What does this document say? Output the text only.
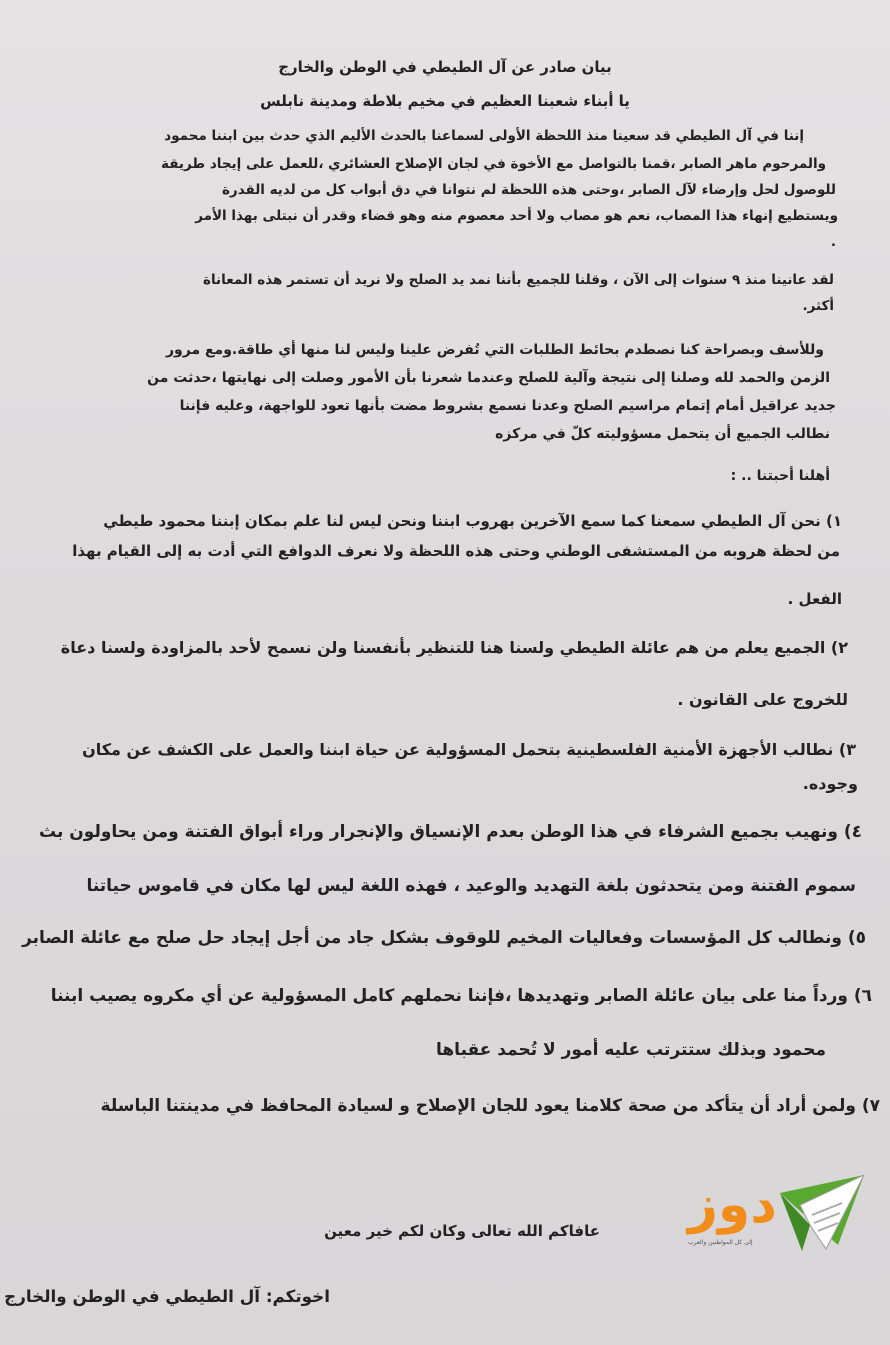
بيان صادر عن آل الطيطي في الوطن والخارج

يا أبناء شعبنا العظيم في مخيم بلاطة ومدينة نابلس

إننا في آل الطيطي قد سعينا منذ اللحظة الأولى لسماعنا بالحدث الأليم الذي حدث بين ابننا محمود

والمرحوم ماهر الصابر ،قمنا بالتواصل مع الأخوة في لجان الإصلاح العشائري ،للعمل على إيجاد طريقة

للوصول لحل وإرضاء لآل الصابر ،وحتى هذه اللحظة لم نتوانا في دق أبواب كل من لديه القدرة

ويستطيع إنهاء هذا المصاب، نعم هو مصاب ولا أحد معصوم منه وهو قضاء وقدر أن نبتلى بهذا الأمر

.

لقد عانينا منذ ٩ سنوات إلى الآن ، وقلنا للجميع بأننا نمد يد الصلح ولا نريد أن تستمر هذه المعاناة

أكثر.

وللأسف وبصراحة كنا نصطدم بحائط الطلبات التي تُفرض علينا وليس لنا منها أي طاقة.ومع مرور

الزمن والحمد لله وصلنا إلى نتيجة وآلية للصلح وعندما شعرنا بأن الأمور وصلت إلى نهايتها ،حدثت من

جديد عراقيل أمام إتمام مراسيم الصلح وعدنا نسمع بشروط مضت بأنها تعود للواجهة، وعليه فإننا

نطالب الجميع أن يتحمل مسؤوليته كلّ في مركزه

أهلنا أحبتنا .. :

١) نحن آل الطيطي سمعنا كما سمع الآخرين بهروب ابننا ونحن ليس لنا علم بمكان إبننا محمود طيطي

من لحظة هروبه من المستشفى الوطني وحتى هذه اللحظة ولا نعرف الدوافع التي أدت به إلى القيام بهذا

الفعل .

٢) الجميع يعلم من هم عائلة الطيطي ولسنا هنا للتنظير بأنفسنا ولن نسمح لأحد بالمزاودة ولسنا دعاة

للخروج على القانون .

٣) نطالب الأجهزة الأمنية الفلسطينية بتحمل المسؤولية عن حياة ابننا والعمل على الكشف عن مكان

وجوده.

٤) ونهيب بجميع الشرفاء في هذا الوطن بعدم الإنسياق والإنجرار وراء أبواق الفتنة ومن يحاولون بث

سموم الفتنة ومن يتحدثون بلغة التهديد والوعيد ، فهذه اللغة ليس لها مكان في قاموس حياتنا

٥) ونطالب كل المؤسسات وفعاليات المخيم للوقوف بشكل جاد من أجل إيجاد حل صلح مع عائلة الصابر

٦) ورداً منا على بيان عائلة الصابر وتهديدها ،فإننا نحملهم كامل المسؤولية عن أي مكروه يصيب ابننا

محمود وبذلك ستترتب عليه أمور لا تُحمد عقباها

٧) ولمن أراد أن يتأكد من صحة كلامنا يعود للجان الإصلاح و لسيادة المحافظ في مدينتنا الباسلة

عافاكم الله تعالى وكان لكم خير معين

اخوتكم: آل الطيطي في الوطن والخارج

دوز
إلى كل المواطنين والعرب
